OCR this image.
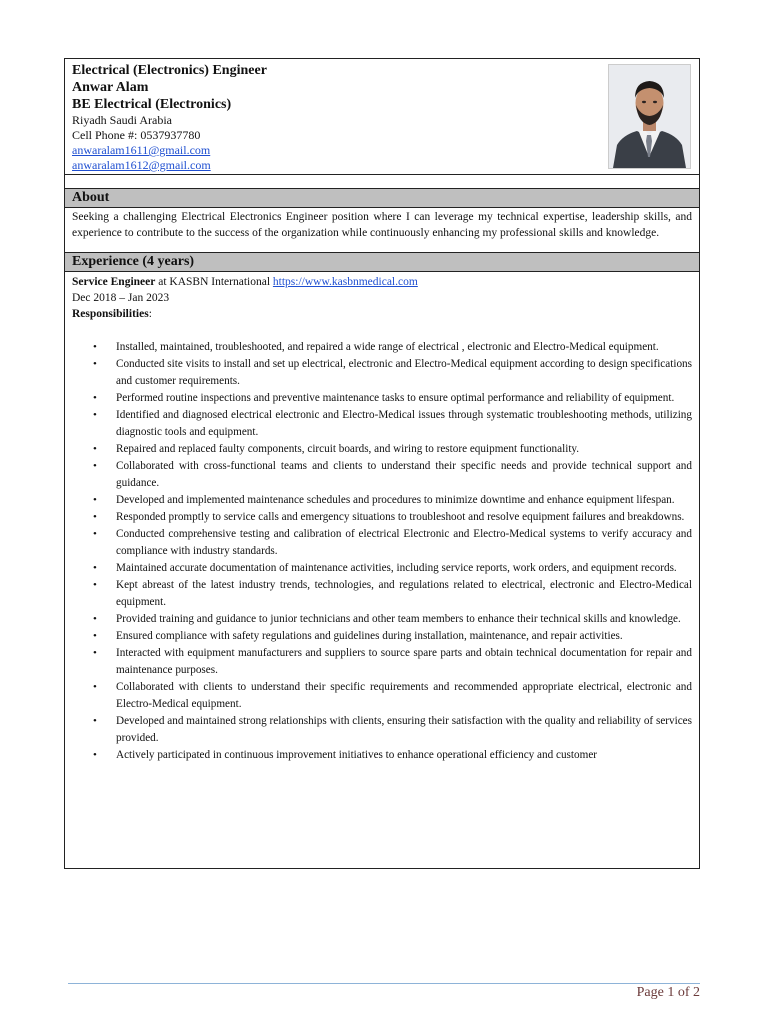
Electrical (Electronics) Engineer
Anwar Alam
BE Electrical (Electronics)
Riyadh Saudi Arabia
Cell Phone #: 0537937780
anwaralam1611@gmail.com
anwaralam1612@gmail.com
About
Seeking a challenging Electrical Electronics Engineer position where I can leverage my technical expertise, leadership skills, and experience to contribute to the success of the organization while continuously enhancing my professional skills and knowledge.
Experience (4 years)
Service Engineer at KASBN International https://www.kasbnmedical.com
Dec 2018 – Jan 2023
Responsibilities:
• Installed, maintained, troubleshooted, and repaired a wide range of electrical , electronic and Electro-Medical equipment.
• Conducted site visits to install and set up electrical, electronic and Electro-Medical equipment according to design specifications and customer requirements.
• Performed routine inspections and preventive maintenance tasks to ensure optimal performance and reliability of equipment.
• Identified and diagnosed electrical electronic and Electro-Medical issues through systematic troubleshooting methods, utilizing diagnostic tools and equipment.
• Repaired and replaced faulty components, circuit boards, and wiring to restore equipment functionality.
• Collaborated with cross-functional teams and clients to understand their specific needs and provide technical support and guidance.
• Developed and implemented maintenance schedules and procedures to minimize downtime and enhance equipment lifespan.
• Responded promptly to service calls and emergency situations to troubleshoot and resolve equipment failures and breakdowns.
• Conducted comprehensive testing and calibration of electrical Electronic and Electro-Medical systems to verify accuracy and compliance with industry standards.
• Maintained accurate documentation of maintenance activities, including service reports, work orders, and equipment records.
• Kept abreast of the latest industry trends, technologies, and regulations related to electrical, electronic and Electro-Medical equipment.
• Provided training and guidance to junior technicians and other team members to enhance their technical skills and knowledge.
• Ensured compliance with safety regulations and guidelines during installation, maintenance, and repair activities.
• Interacted with equipment manufacturers and suppliers to source spare parts and obtain technical documentation for repair and maintenance purposes.
• Collaborated with clients to understand their specific requirements and recommended appropriate electrical, electronic and Electro-Medical equipment.
• Developed and maintained strong relationships with clients, ensuring their satisfaction with the quality and reliability of services provided.
• Actively participated in continuous improvement initiatives to enhance operational efficiency and customer
Page 1 of 2
